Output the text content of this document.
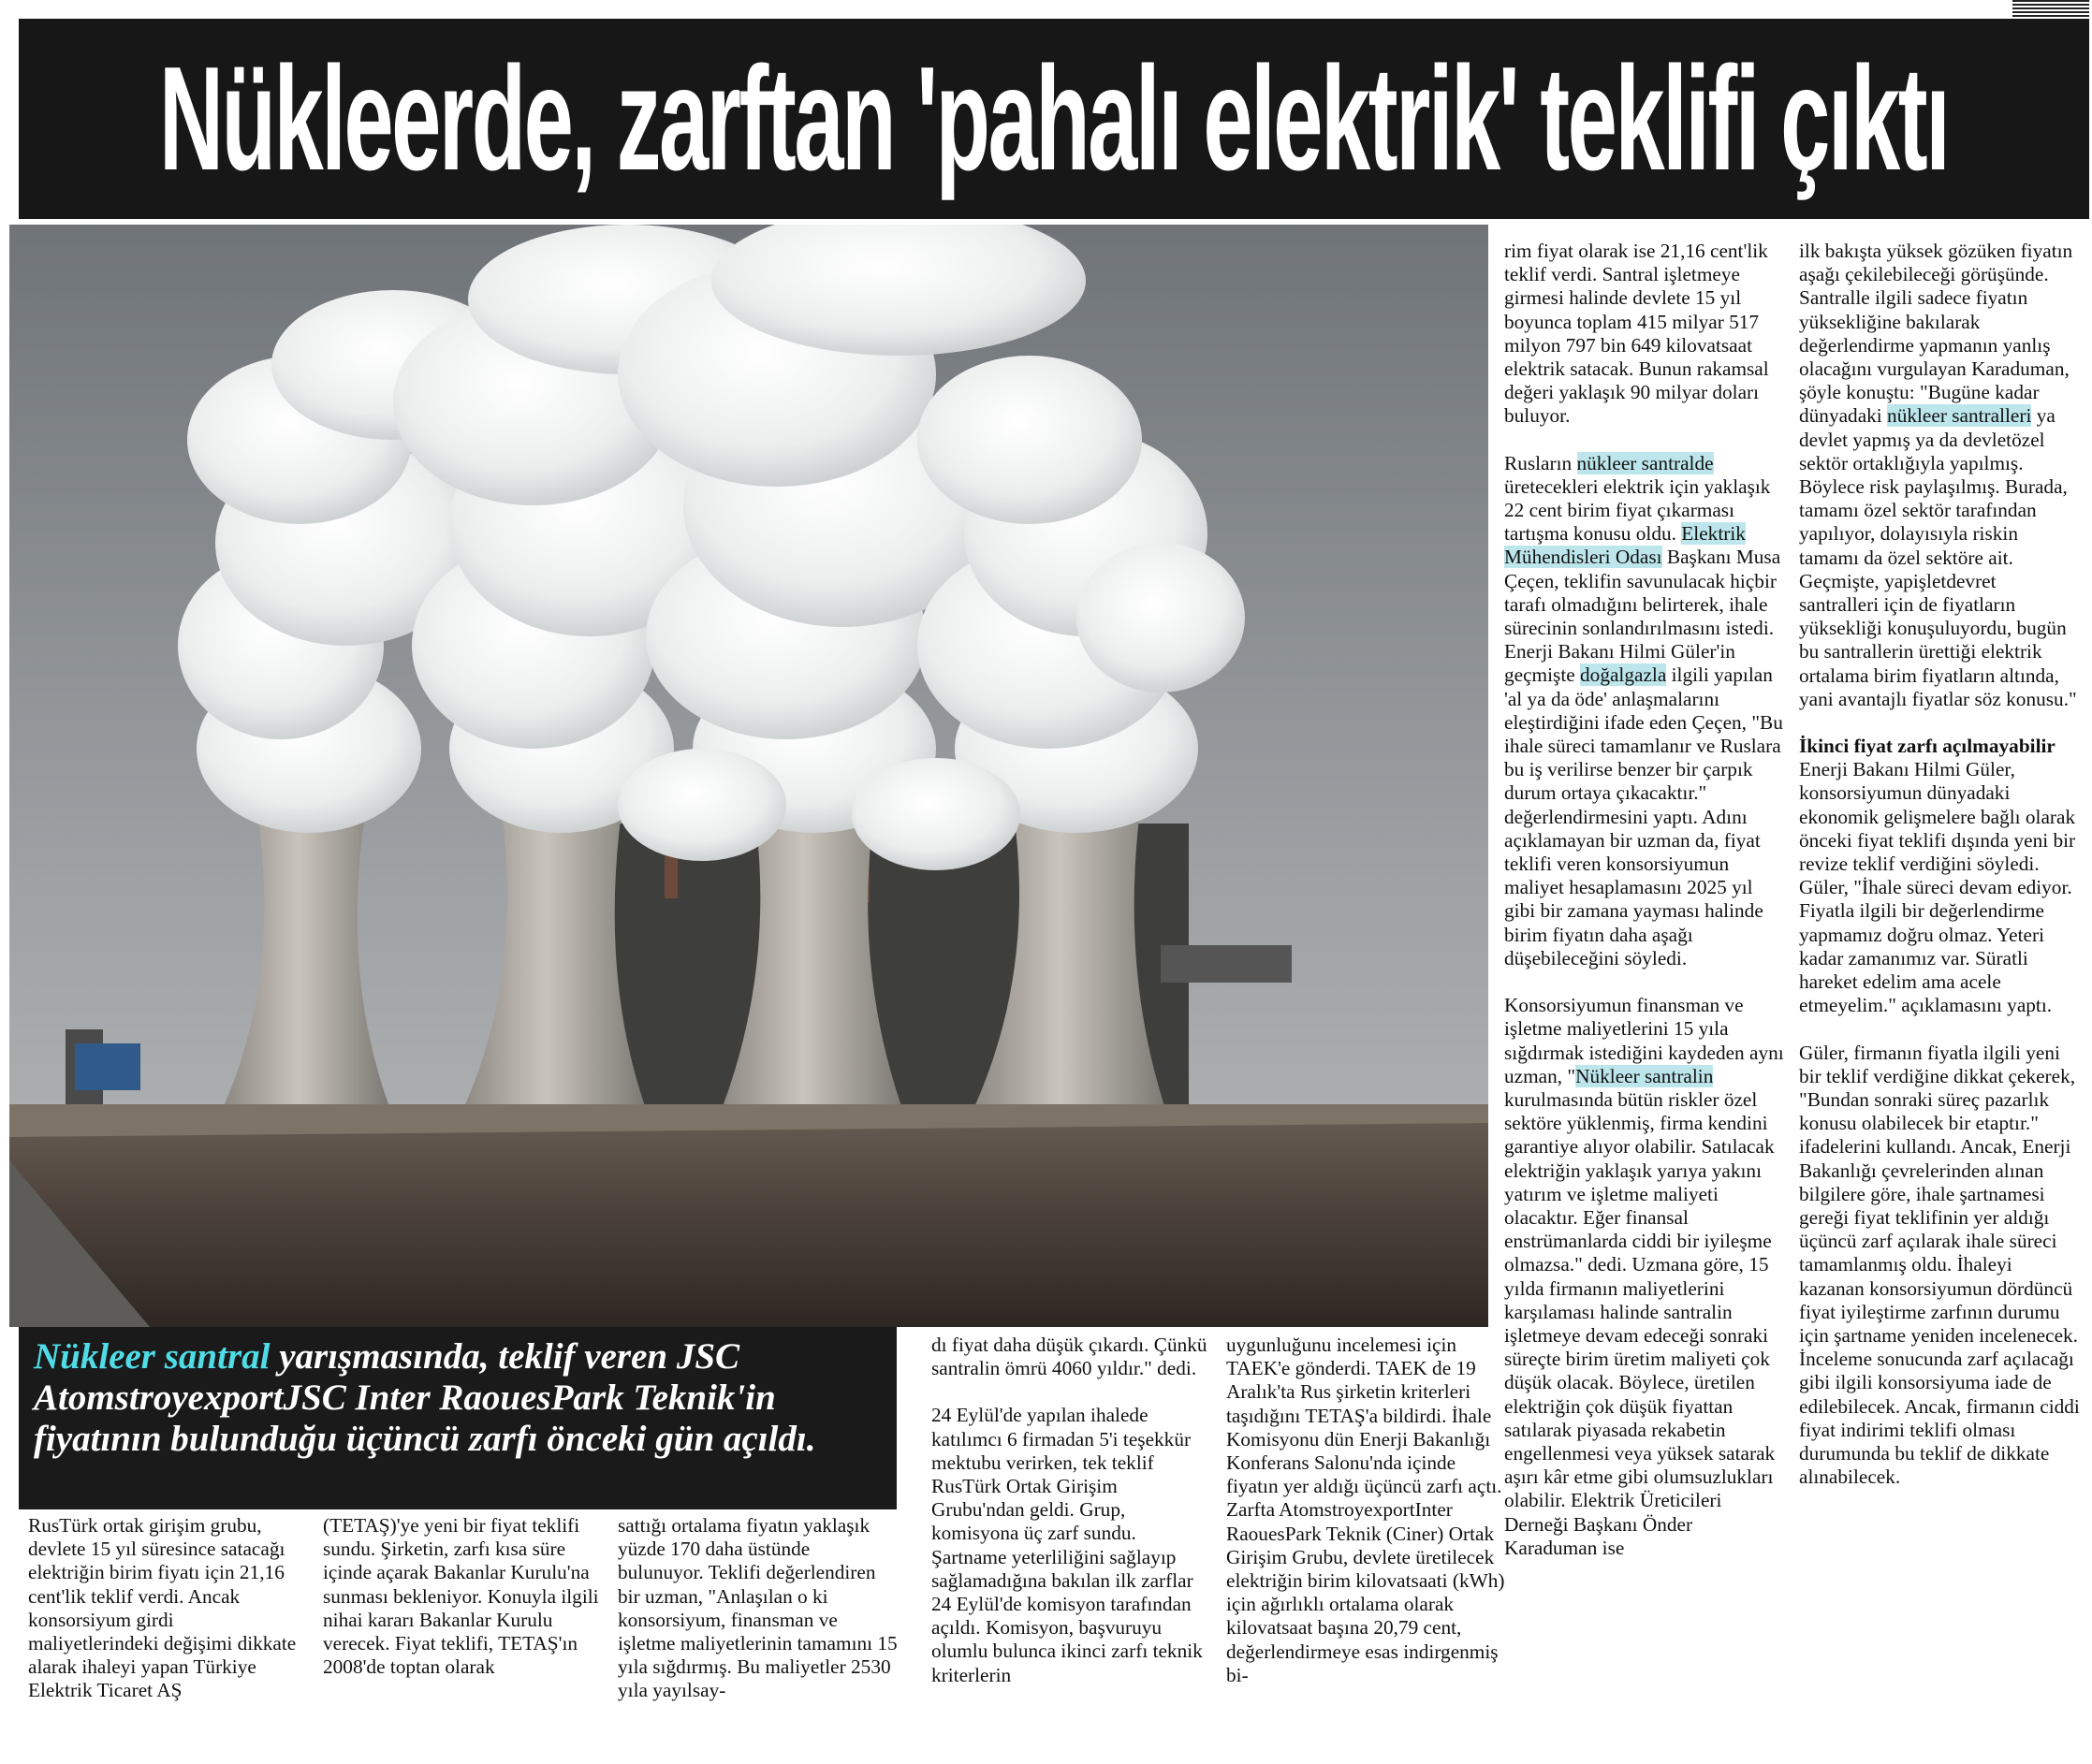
Nükleerde, zarftan 'pahalı elektrik' teklifi çıktı

Nükleer santral yarışmasında, teklif veren JSC AtomstroyexportJSC Inter RaouesPark Teknik'in fiyatının bulunduğu üçüncü zarfı önceki gün açıldı.

RusTürk ortak girişim grubu, devlete 15 yıl süresince satacağı elektriğin birim fiyatı için 21,16 cent'lik teklif verdi. Ancak konsorsiyum girdi maliyetlerindeki değişimi dikkate alarak ihaleyi yapan Türkiye Elektrik Ticaret AŞ

(TETAŞ)'ye yeni bir fiyat teklifi sundu. Şirketin, zarfı kısa süre içinde açarak Bakanlar Kurulu'na sunması bekleniyor. Konuyla ilgili nihai kararı Bakanlar Kurulu verecek. Fiyat teklifi, TETAŞ'ın 2008'de toptan olarak

sattığı ortalama fiyatın yaklaşık yüzde 170 daha üstünde bulunuyor. Teklifi değerlendiren bir uzman, "Anlaşılan o ki konsorsiyum, finansman ve işletme maliyetlerinin tamamını 15 yıla sığdırmış. Bu maliyetler 2530 yıla yayılsay-

dı fiyat daha düşük çıkardı. Çünkü santralin ömrü 4060 yıldır." dedi.

24 Eylül'de yapılan ihalede katılımcı 6 firmadan 5'i teşekkür mektubu verirken, tek teklif RusTürk Ortak Girişim Grubu'ndan geldi. Grup, komisyona üç zarf sundu. Şartname yeterliliğini sağlayıp sağlamadığına bakılan ilk zarflar 24 Eylül'de komisyon tarafından açıldı. Komisyon, başvuruyu olumlu bulunca ikinci zarfı teknik kriterlerin

uygunluğunu incelemesi için TAEK'e gönderdi. TAEK de 19 Aralık'ta Rus şirketin kriterleri taşıdığını TETAŞ'a bildirdi. İhale Komisyonu dün Enerji Bakanlığı Konferans Salonu'nda içinde fiyatın yer aldığı üçüncü zarfı açtı. Zarfta AtomstroyexportInter RaouesPark Teknik (Ciner) Ortak Girişim Grubu, devlete üretilecek elektriğin birim kilovatsaati (kWh) için ağırlıklı ortalama olarak kilovatsaat başına 20,79 cent, değerlendirmeye esas indirgenmiş bi-

rim fiyat olarak ise 21,16 cent'lik teklif verdi. Santral işletmeye girmesi halinde devlete 15 yıl boyunca toplam 415 milyar 517 milyon 797 bin 649 kilovatsaat elektrik satacak. Bunun rakamsal değeri yaklaşık 90 milyar doları buluyor.

Rusların nükleer santralde üretecekleri elektrik için yaklaşık 22 cent birim fiyat çıkarması tartışma konusu oldu. Elektrik Mühendisleri Odası Başkanı Musa Çeçen, teklifin savunulacak hiçbir tarafı olmadığını belirterek, ihale sürecinin sonlandırılmasını istedi. Enerji Bakanı Hilmi Güler'in geçmişte doğalgazla ilgili yapılan 'al ya da öde' anlaşmalarını eleştirdiğini ifade eden Çeçen, "Bu ihale süreci tamamlanır ve Ruslara bu iş verilirse benzer bir çarpık durum ortaya çıkacaktır." değerlendirmesini yaptı. Adını açıklamayan bir uzman da, fiyat teklifi veren konsorsiyumun maliyet hesaplamasını 2025 yıl gibi bir zamana yayması halinde birim fiyatın daha aşağı düşebileceğini söyledi.

Konsorsiyumun finansman ve işletme maliyetlerini 15 yıla sığdırmak istediğini kaydeden aynı uzman, "Nükleer santralin kurulmasında bütün riskler özel sektöre yüklenmiş, firma kendini garantiye alıyor olabilir. Satılacak elektriğin yaklaşık yarıya yakını yatırım ve işletme maliyeti olacaktır. Eğer finansal enstrümanlarda ciddi bir iyileşme olmazsa." dedi. Uzmana göre, 15 yılda firmanın maliyetlerini karşılaması halinde santralin işletmeye devam edeceği sonraki süreçte birim üretim maliyeti çok düşük olacak. Böylece, üretilen elektriğin çok düşük fiyattan satılarak piyasada rekabetin engellenmesi veya yüksek satarak aşırı kâr etme gibi olumsuzlukları olabilir. Elektrik Üreticileri Derneği Başkanı Önder Karaduman ise

ilk bakışta yüksek gözüken fiyatın aşağı çekilebileceği görüşünde. Santralle ilgili sadece fiyatın yüksekliğine bakılarak değerlendirme yapmanın yanlış olacağını vurgulayan Karaduman, şöyle konuştu: "Bugüne kadar dünyadaki nükleer santralleri ya devlet yapmış ya da devletözel sektör ortaklığıyla yapılmış. Böylece risk paylaşılmış. Burada, tamamı özel sektör tarafından yapılıyor, dolayısıyla riskin tamamı da özel sektöre ait. Geçmişte, yapişletdevret santralleri için de fiyatların yüksekliği konuşuluyordu, bugün bu santrallerin ürettiği elektrik ortalama birim fiyatların altında, yani avantajlı fiyatlar söz konusu."

İkinci fiyat zarfı açılmayabilir

Enerji Bakanı Hilmi Güler, konsorsiyumun dünyadaki ekonomik gelişmelere bağlı olarak önceki fiyat teklifi dışında yeni bir revize teklif verdiğini söyledi. Güler, "İhale süreci devam ediyor. Fiyatla ilgili bir değerlendirme yapmamız doğru olmaz. Yeteri kadar zamanımız var. Süratli hareket edelim ama acele etmeyelim." açıklamasını yaptı.

Güler, firmanın fiyatla ilgili yeni bir teklif verdiğine dikkat çekerek, "Bundan sonraki süreç pazarlık konusu olabilecek bir etaptır." ifadelerini kullandı. Ancak, Enerji Bakanlığı çevrelerinden alınan bilgilere göre, ihale şartnamesi gereği fiyat teklifinin yer aldığı üçüncü zarf açılarak ihale süreci tamamlanmış oldu. İhaleyi kazanan konsorsiyumun dördüncü fiyat iyileştirme zarfının durumu için şartname yeniden incelenecek. İnceleme sonucunda zarf açılacağı gibi ilgili konsorsiyuma iade de edilebilecek. Ancak, firmanın ciddi fiyat indirimi teklifi olması durumunda bu teklif de dikkate alınabilecek.
